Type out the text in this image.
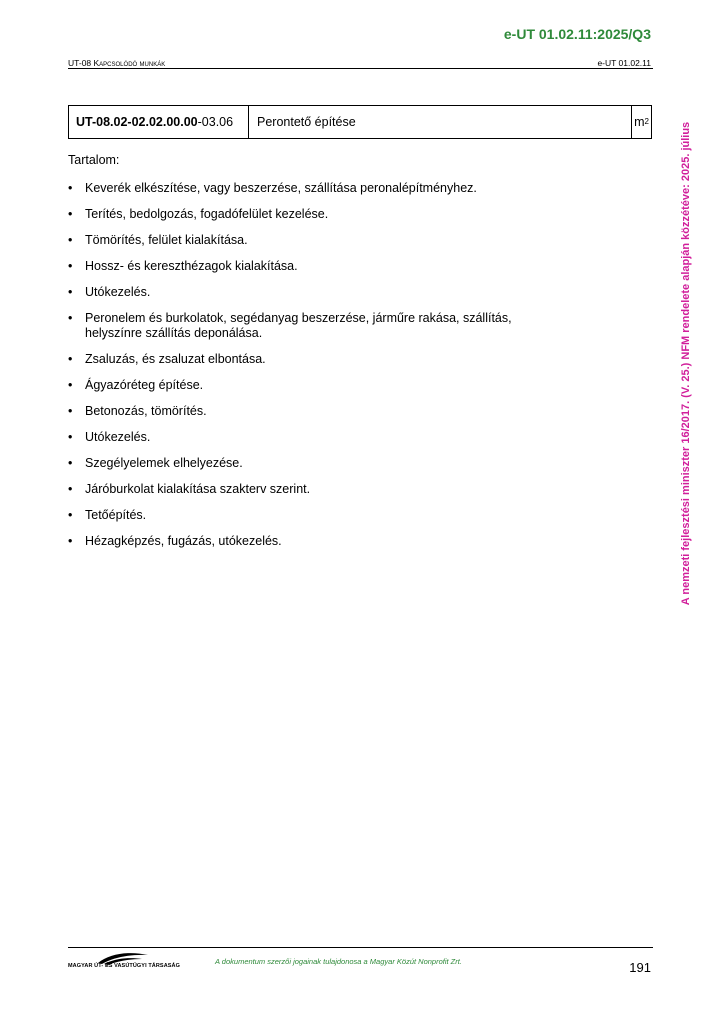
e-UT 01.02.11:2025/Q3
UT-08 Kapcsolódó munkák	e-UT 01.02.11
UT-08.02-02.02.00.00 -03.06	Perontető építése	m 2
Tartalom:
• Keverék elkészítése, vagy beszerzése, szállítása peronalépítményhez.
• Terítés, bedolgozás, fogadófelület kezelése.
• Tömörítés, felület kialakítása.
• Hossz- és kereszthézagok kialakítása.
• Utókezelés.
• Peronelem és burkolatok, segédanyag beszerzése, járműre rakása, szállítás, helyszínre szállítás deponálása.
• Zsaluzás, és zsaluzat elbontása.
• Ágyazóréteg építése.
• Betonozás, tömörítés.
• Utókezelés.
• Szegélyelemek elhelyezése.
• Járóburkolat kialakítása szakterv szerint.
• Tetőépítés.
• Hézagképzés, fugázás, utókezelés.	A nemzeti fejlesztési miniszter 16/2017. (V. 25.) NFM rendelete alapján közzétéve: 2025. július
MAGYAR ÚT- ÉS VASÚTÜGYI TÁRSASÁG	A dokumentum szerzői jogainak tulajdonosa a Magyar Közút Nonprofit Zrt.	191
